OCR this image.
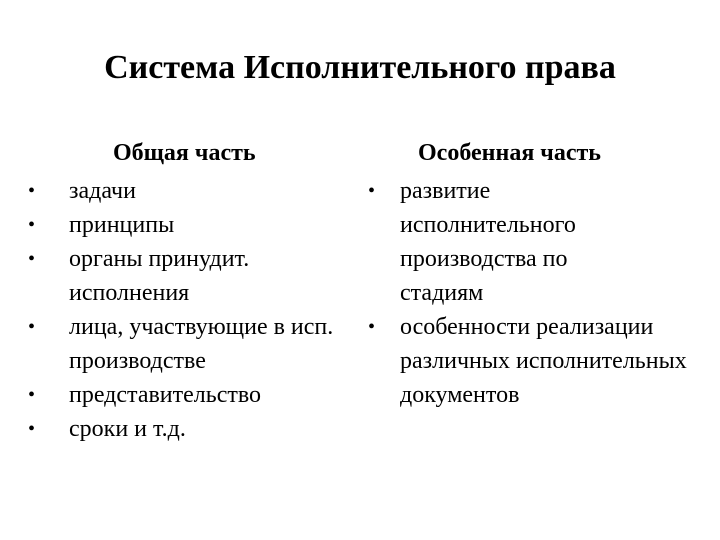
Система Исполнительного права
Общая часть
• задачи
• принципы
• органы принудит. исполнения
• лица, участвующие в исп. производстве
• представительство
• сроки и т.д.
Особенная часть
• развитие исполнительного производства по стадиям
• особенности реализации различных исполнительных документов
